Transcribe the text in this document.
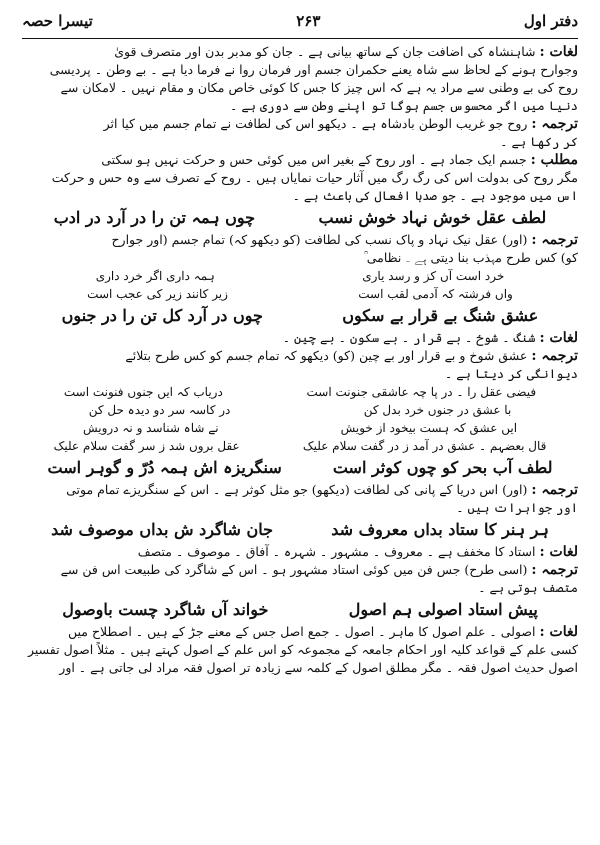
دفتر اول
۲۶۳
تیسرا حصہ
لغات : شاہنشاہ کی اضافت جان کے ساتھ بیانی ہے ۔ جان کو مدبر بدن اور متصرف قویٰ
وجوارح ہونے کے لحاظ سے شاہ یعنے حکمران جسم اور فرمان روا نے فرما دیا ہے ۔ بے وطن ۔ پردیسی
روح کی بے وطنی سے مراد یہ ہے کہ اس چیز کا جس کا کوئی خاص مکان و مقام نہیں ۔ لامکان سے
دنیا میں اگر محسوس جسم ہوگا تو اپنے وطن سے دوری ہے ۔
ترجمہ : روح جو غریب الوطن بادشاہ ہے ۔ دیکھو اس کی لطافت نے تمام جسم میں کیا اثر
کر رکھا ہے ۔
مطلب : جسم ایک جماد ہے ۔ اور روح کے بغیر اس میں کوئی حس و حرکت نہیں ہو سکتی
مگر روح کی بدولت اس کی رگ رگ میں آثار حیات نمایاں ہیں ۔ روح کے تصرف سے وہ حس و حرکت
اس میں موجود ہے ۔ جو صدہا افعال کی باعث ہے ۔
لطف عقل خوش نہاد خوش نسب
چوں ہمہ تن را در آرد در ادب
ترجمہ : (اور) عقل نیک نہاد و پاک نسب کی لطافت (کو دیکھو کہ) تمام جسم (اور جوارح
کو) کس طرح مہذب بنا دیتی ہے ۔ نظامی ؒ
خرد است آں کز و رسد یاری
ہمہ داری اگر خرد داری
واں فرشتہ کہ آدمی لقب است
زیر کانند زیر کی عجب است
عشق شنگ بے قرار بے سکوں
چوں در آرد کل تن را در جنوں
لغات : شنگ ۔ شوخ ۔ بے قرار ۔ بے سکون ۔ بے چین ۔
ترجمہ : عشق شوخ و بے قرار اور بے چین (کو) دیکھو کہ تمام جسم کو کس طرح بتلائے
دیوانگی کر دیتا ہے ۔
فیضی عقل را ۔ در پا چہ عاشقی جنونت است
دریاب کہ ایں جنوں فنونت است
با عشق در جنوں خرد بدل کن
در کاسہ سر دو دیدہ حل کن
ایں عشق کہ ہست بیخود از خویش
نے شاہ شناسد و نہ درویش
قال بعضہم ۔ عشق در آمد ز در گفت سلام علیک
عقل بروں شد ز سر گفت سلام علیک
لطف آب بحر کو چوں کوثر است
سنگریزہ اش ہمہ دُرّ و گوہر است
ترجمہ : (اور) اس دریا کے پانی کی لطافت (دیکھو) جو مثل کوثر ہے ۔ اس کے سنگریزے تمام موتی
اور جواہرات ہیں ۔
ہر ہنر کا ستاد بداں معروف شد
جان شاگرد ش بداں موصوف شد
لغات : استاد کا مخفف ہے ۔ معروف ۔ مشہور ۔ شہرہ ۔ آفاق ۔ موصوف ۔ متصف
ترجمہ : (اسی طرح) جس فن میں کوئی استاد مشہور ہو ۔ اس کے شاگرد کی طبیعت اس فن سے
متصف ہوتی ہے ۔
پیش استاد اصولی ہم اصول
خواند آں شاگرد چست باوصول
لغات : اصولی ۔ علم اصول کا ماہر ۔ اصول ۔ جمع اصل جس کے معنے جڑ کے ہیں ۔ اصطلاح میں
کسی علم کے قواعد کلیہ اور احکام جامعہ کے مجموعہ کو اس علم کے اصول کہتے ہیں ۔ مثلاً اصول تفسیر
اصول حدیث اصول فقہ ۔ مگر مطلق اصول کے کلمہ سے زیادہ تر اصول فقہ مراد لی جاتی ہے ۔ اور
